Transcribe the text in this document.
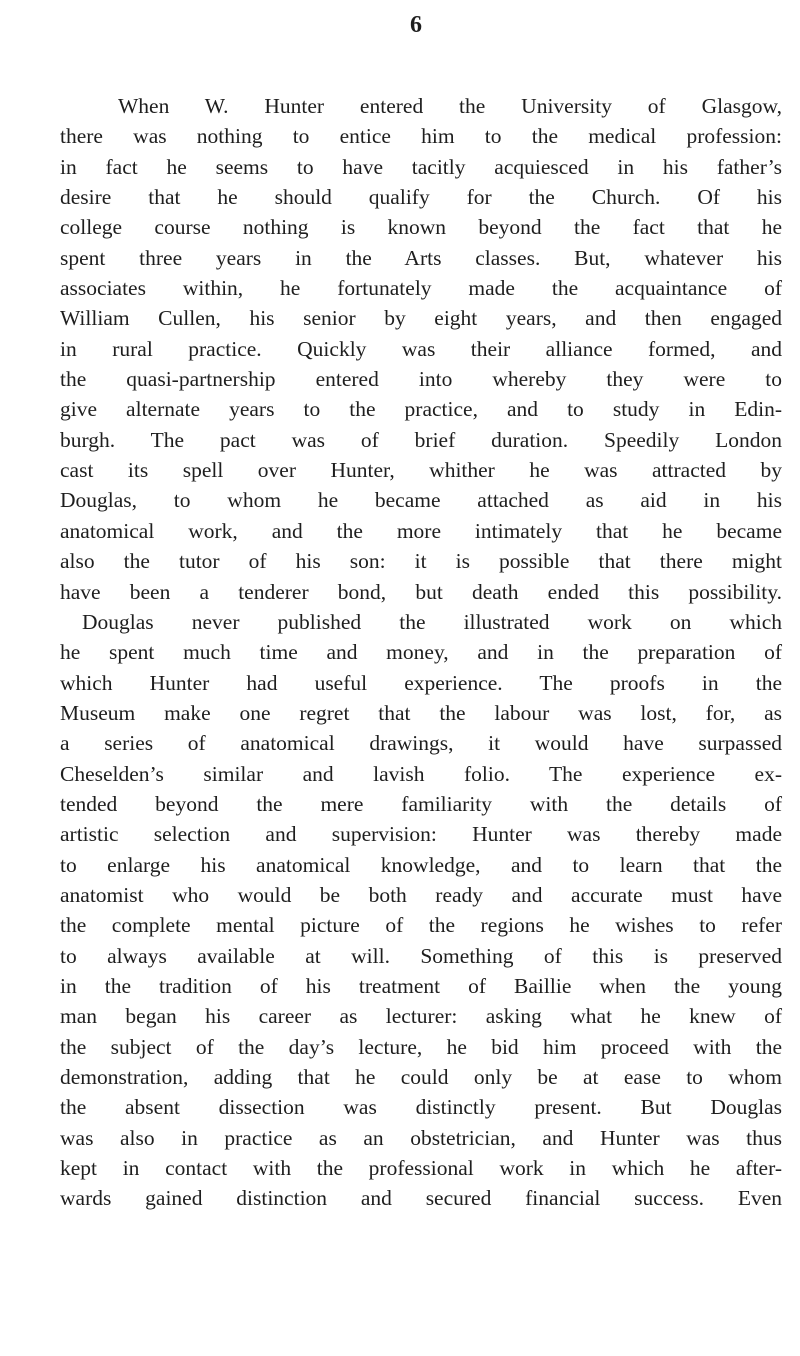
6
When W. Hunter entered the University of Glasgow,
there was nothing to entice him to the medical profession:
in fact he seems to have tacitly acquiesced in his father’s
desire that he should qualify for the Church. Of his
college course nothing is known beyond the fact that he
spent three years in the Arts classes. But, whatever his
associates within, he fortunately made the acquaintance of
William Cullen, his senior by eight years, and then engaged
in rural practice. Quickly was their alliance formed, and
the quasi-partnership entered into whereby they were to
give alternate years to the practice, and to study in Edin-
burgh. The pact was of brief duration. Speedily London
cast its spell over Hunter, whither he was attracted by
Douglas, to whom he became attached as aid in his
anatomical work, and the more intimately that he became
also the tutor of his son: it is possible that there might
have been a tenderer bond, but death ended this possibility.
Douglas never published the illustrated work on which
he spent much time and money, and in the preparation of
which Hunter had useful experience. The proofs in the
Museum make one regret that the labour was lost, for, as
a series of anatomical drawings, it would have surpassed
Cheselden’s similar and lavish folio. The experience ex-
tended beyond the mere familiarity with the details of
artistic selection and supervision: Hunter was thereby made
to enlarge his anatomical knowledge, and to learn that the
anatomist who would be both ready and accurate must have
the complete mental picture of the regions he wishes to refer
to always available at will. Something of this is preserved
in the tradition of his treatment of Baillie when the young
man began his career as lecturer: asking what he knew of
the subject of the day’s lecture, he bid him proceed with the
demonstration, adding that he could only be at ease to whom
the absent dissection was distinctly present. But Douglas
was also in practice as an obstetrician, and Hunter was thus
kept in contact with the professional work in which he after-
wards gained distinction and secured financial success. Even
